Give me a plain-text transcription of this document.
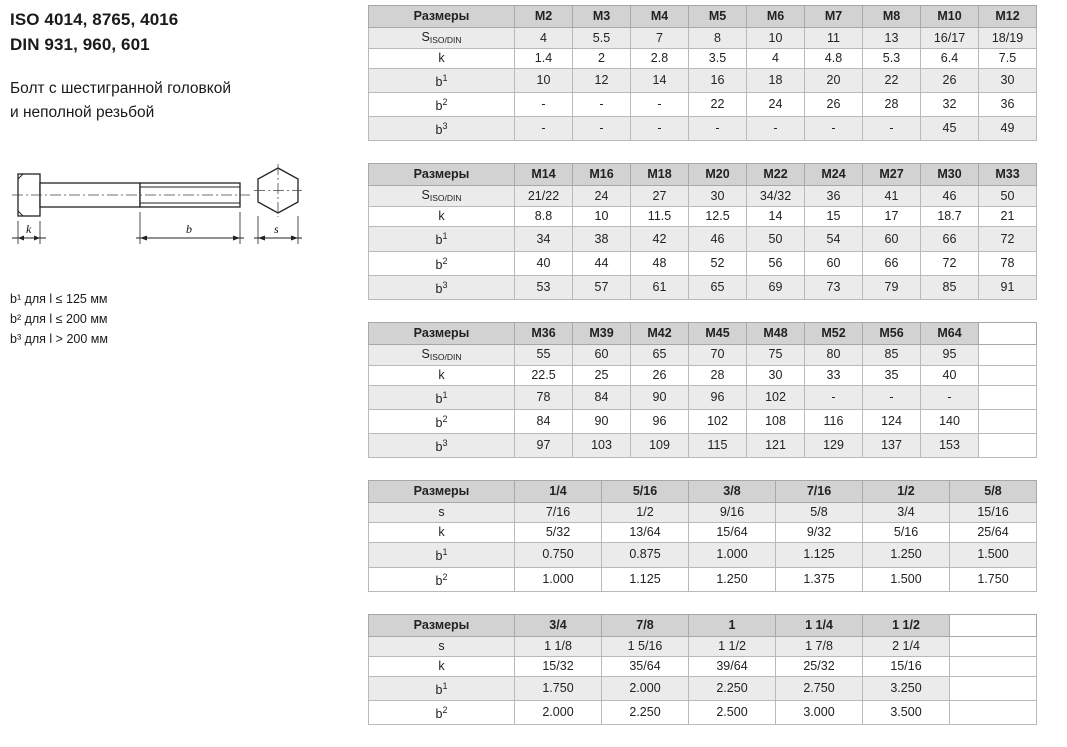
ISO 4014, 8765, 4016
DIN 931, 960, 601
Болт с шестигранной головкой
и неполной резьбой
k	b	s
b¹ для l ≤ 125 мм
b² для l ≤ 200 мм
b³ для l > 200 мм
Размеры	M2	M3	M4	M5	M6	M7	M8	M10	M12
$S_{ISO/DIN}$	4	5.5	7	8	10	11	13	16/17	18/19
k	1.4	2	2.8	3.5	4	4.8	5.3	6.4	7.5
$b^1$	10	12	14	16	18	20	22	26	30
$b^2$	-	-	-	22	24	26	28	32	36
$b^3$	-	-	-	-	-	-	-	45	49
Размеры	M14	M16	M18	M20	M22	M24	M27	M30	M33
$S_{ISO/DIN}$	21/22	24	27	30	34/32	36	41	46	50
k	8.8	10	11.5	12.5	14	15	17	18.7	21
$b^1$	34	38	42	46	50	54	60	66	72
$b^2$	40	44	48	52	56	60	66	72	78
$b^3$	53	57	61	65	69	73	79	85	91
Размеры	M36	M39	M42	M45	M48	M52	M56	M64	
$S_{ISO/DIN}$	55	60	65	70	75	80	85	95	
k	22.5	25	26	28	30	33	35	40	
$b^1$	78	84	90	96	102	-	-	-	
$b^2$	84	90	96	102	108	116	124	140	
$b^3$	97	103	109	115	121	129	137	153	
Размеры	1/4	5/16	3/8	7/16	1/2	5/8
s	7/16	1/2	9/16	5/8	3/4	15/16
k	5/32	13/64	15/64	9/32	5/16	25/64
$b^1$	0.750	0.875	1.000	1.125	1.250	1.500
$b^2$	1.000	1.125	1.250	1.375	1.500	1.750
Размеры	3/4	7/8	1	1 1/4	1 1/2	
s	1 1/8	1 5/16	1 1/2	1 7/8	2 1/4	
k	15/32	35/64	39/64	25/32	15/16	
$b^1$	1.750	2.000	2.250	2.750	3.250	
$b^2$	2.000	2.250	2.500	3.000	3.500	
